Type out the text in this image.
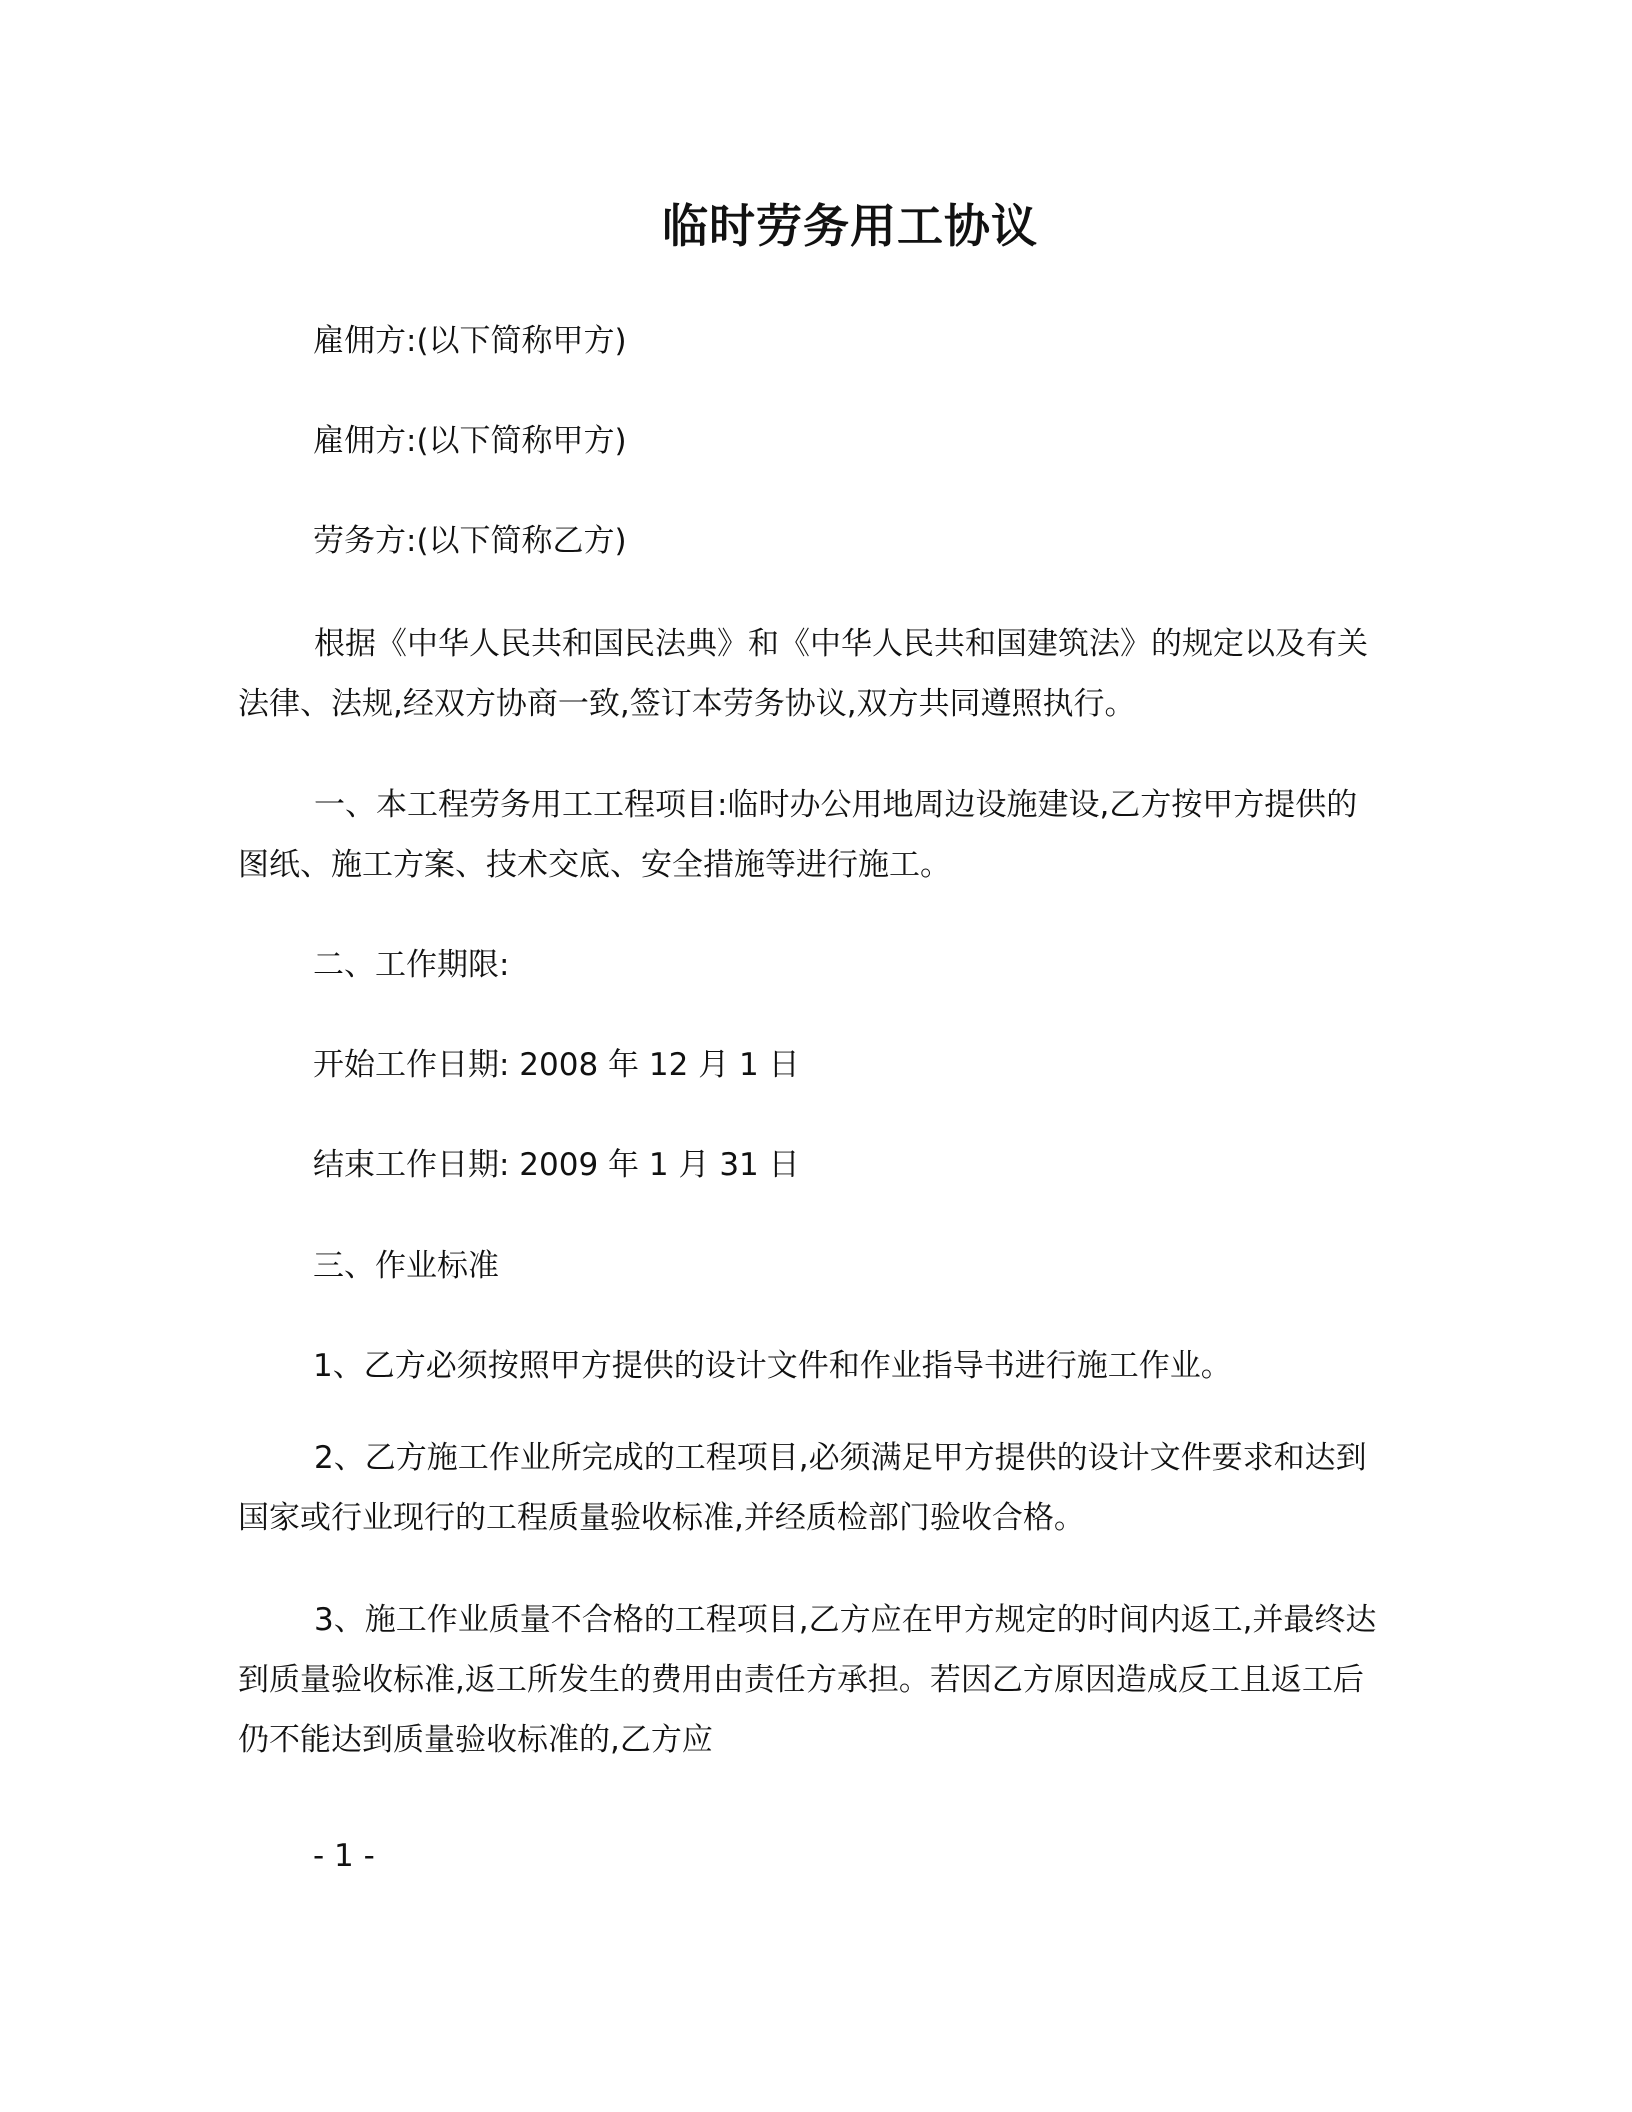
临时劳务用工协议
雇佣方:(以下简称甲方)
雇佣方:(以下简称甲方)
劳务方:(以下简称乙方)
根据《中华人民共和国民法典》和《中华人民共和国建筑法》的规定以及有关法律、法规,经双方协商一致,签订本劳务协议,双方共同遵照执行。
一、本工程劳务用工工程项目:临时办公用地周边设施建设,乙方按甲方提供的图纸、施工方案、技术交底、安全措施等进行施工。
二、工作期限:
开始工作日期: 2008 年 12 月 1 日
结束工作日期: 2009 年 1 月 31 日
三、作业标准
1、乙方必须按照甲方提供的设计文件和作业指导书进行施工作业。
2、乙方施工作业所完成的工程项目,必须满足甲方提供的设计文件要求和达到国家或行业现行的工程质量验收标准,并经质检部门验收合格。
3、施工作业质量不合格的工程项目,乙方应在甲方规定的时间内返工,并最终达到质量验收标准,返工所发生的费用由责任方承担。若因乙方原因造成反工且返工后仍不能达到质量验收标准的,乙方应
- 1 -
